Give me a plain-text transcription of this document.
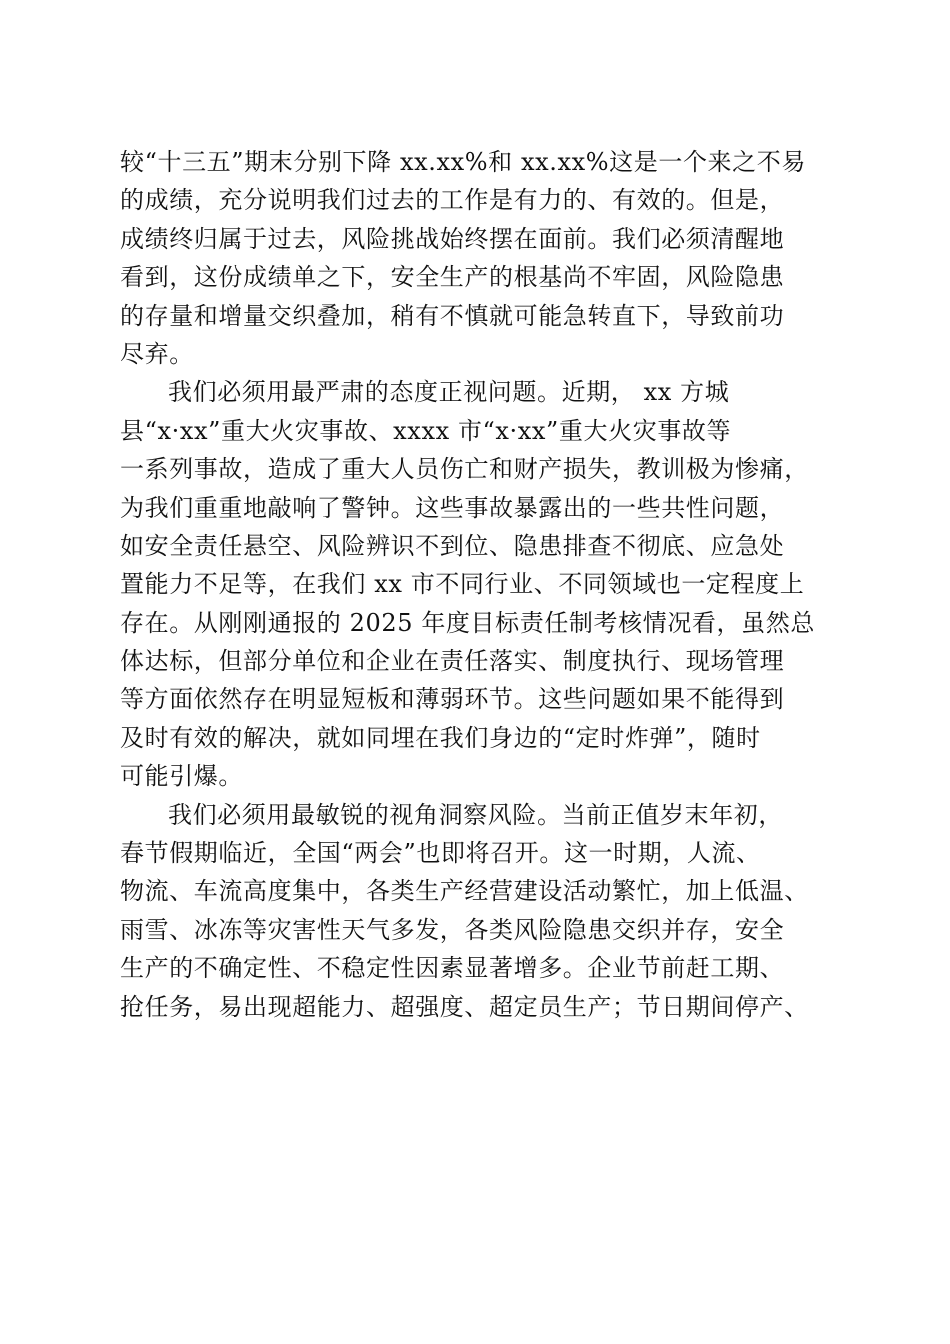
较“十三五”期末分别下降 xx.xx%和 xx.xx%这是一个来之不易
的成绩，充分说明我们过去的工作是有力的、有效的。但是，
成绩终归属于过去，风险挑战始终摆在面前。我们必须清醒地
看到，这份成绩单之下，安全生产的根基尚不牢固，风险隐患
的存量和增量交织叠加，稍有不慎就可能急转直下，导致前功
尽弃。
我们必须用最严肃的态度正视问题。近期， xx 方城
县“x·xx”重大火灾事故、xxxx 市“x·xx”重大火灾事故等
一系列事故，造成了重大人员伤亡和财产损失，教训极为惨痛，
为我们重重地敲响了警钟。这些事故暴露出的一些共性问题，
如安全责任悬空、风险辨识不到位、隐患排查不彻底、应急处
置能力不足等，在我们 xx 市不同行业、不同领域也一定程度上
存在。从刚刚通报的 2025 年度目标责任制考核情况看，虽然总
体达标，但部分单位和企业在责任落实、制度执行、现场管理
等方面依然存在明显短板和薄弱环节。这些问题如果不能得到
及时有效的解决，就如同埋在我们身边的“定时炸弹”，随时
可能引爆。
我们必须用最敏锐的视角洞察风险。当前正值岁末年初，
春节假期临近，全国“两会”也即将召开。这一时期，人流、
物流、车流高度集中，各类生产经营建设活动繁忙，加上低温、
雨雪、冰冻等灾害性天气多发，各类风险隐患交织并存，安全
生产的不确定性、不稳定性因素显著增多。企业节前赶工期、
抢任务，易出现超能力、超强度、超定员生产；节日期间停产、
